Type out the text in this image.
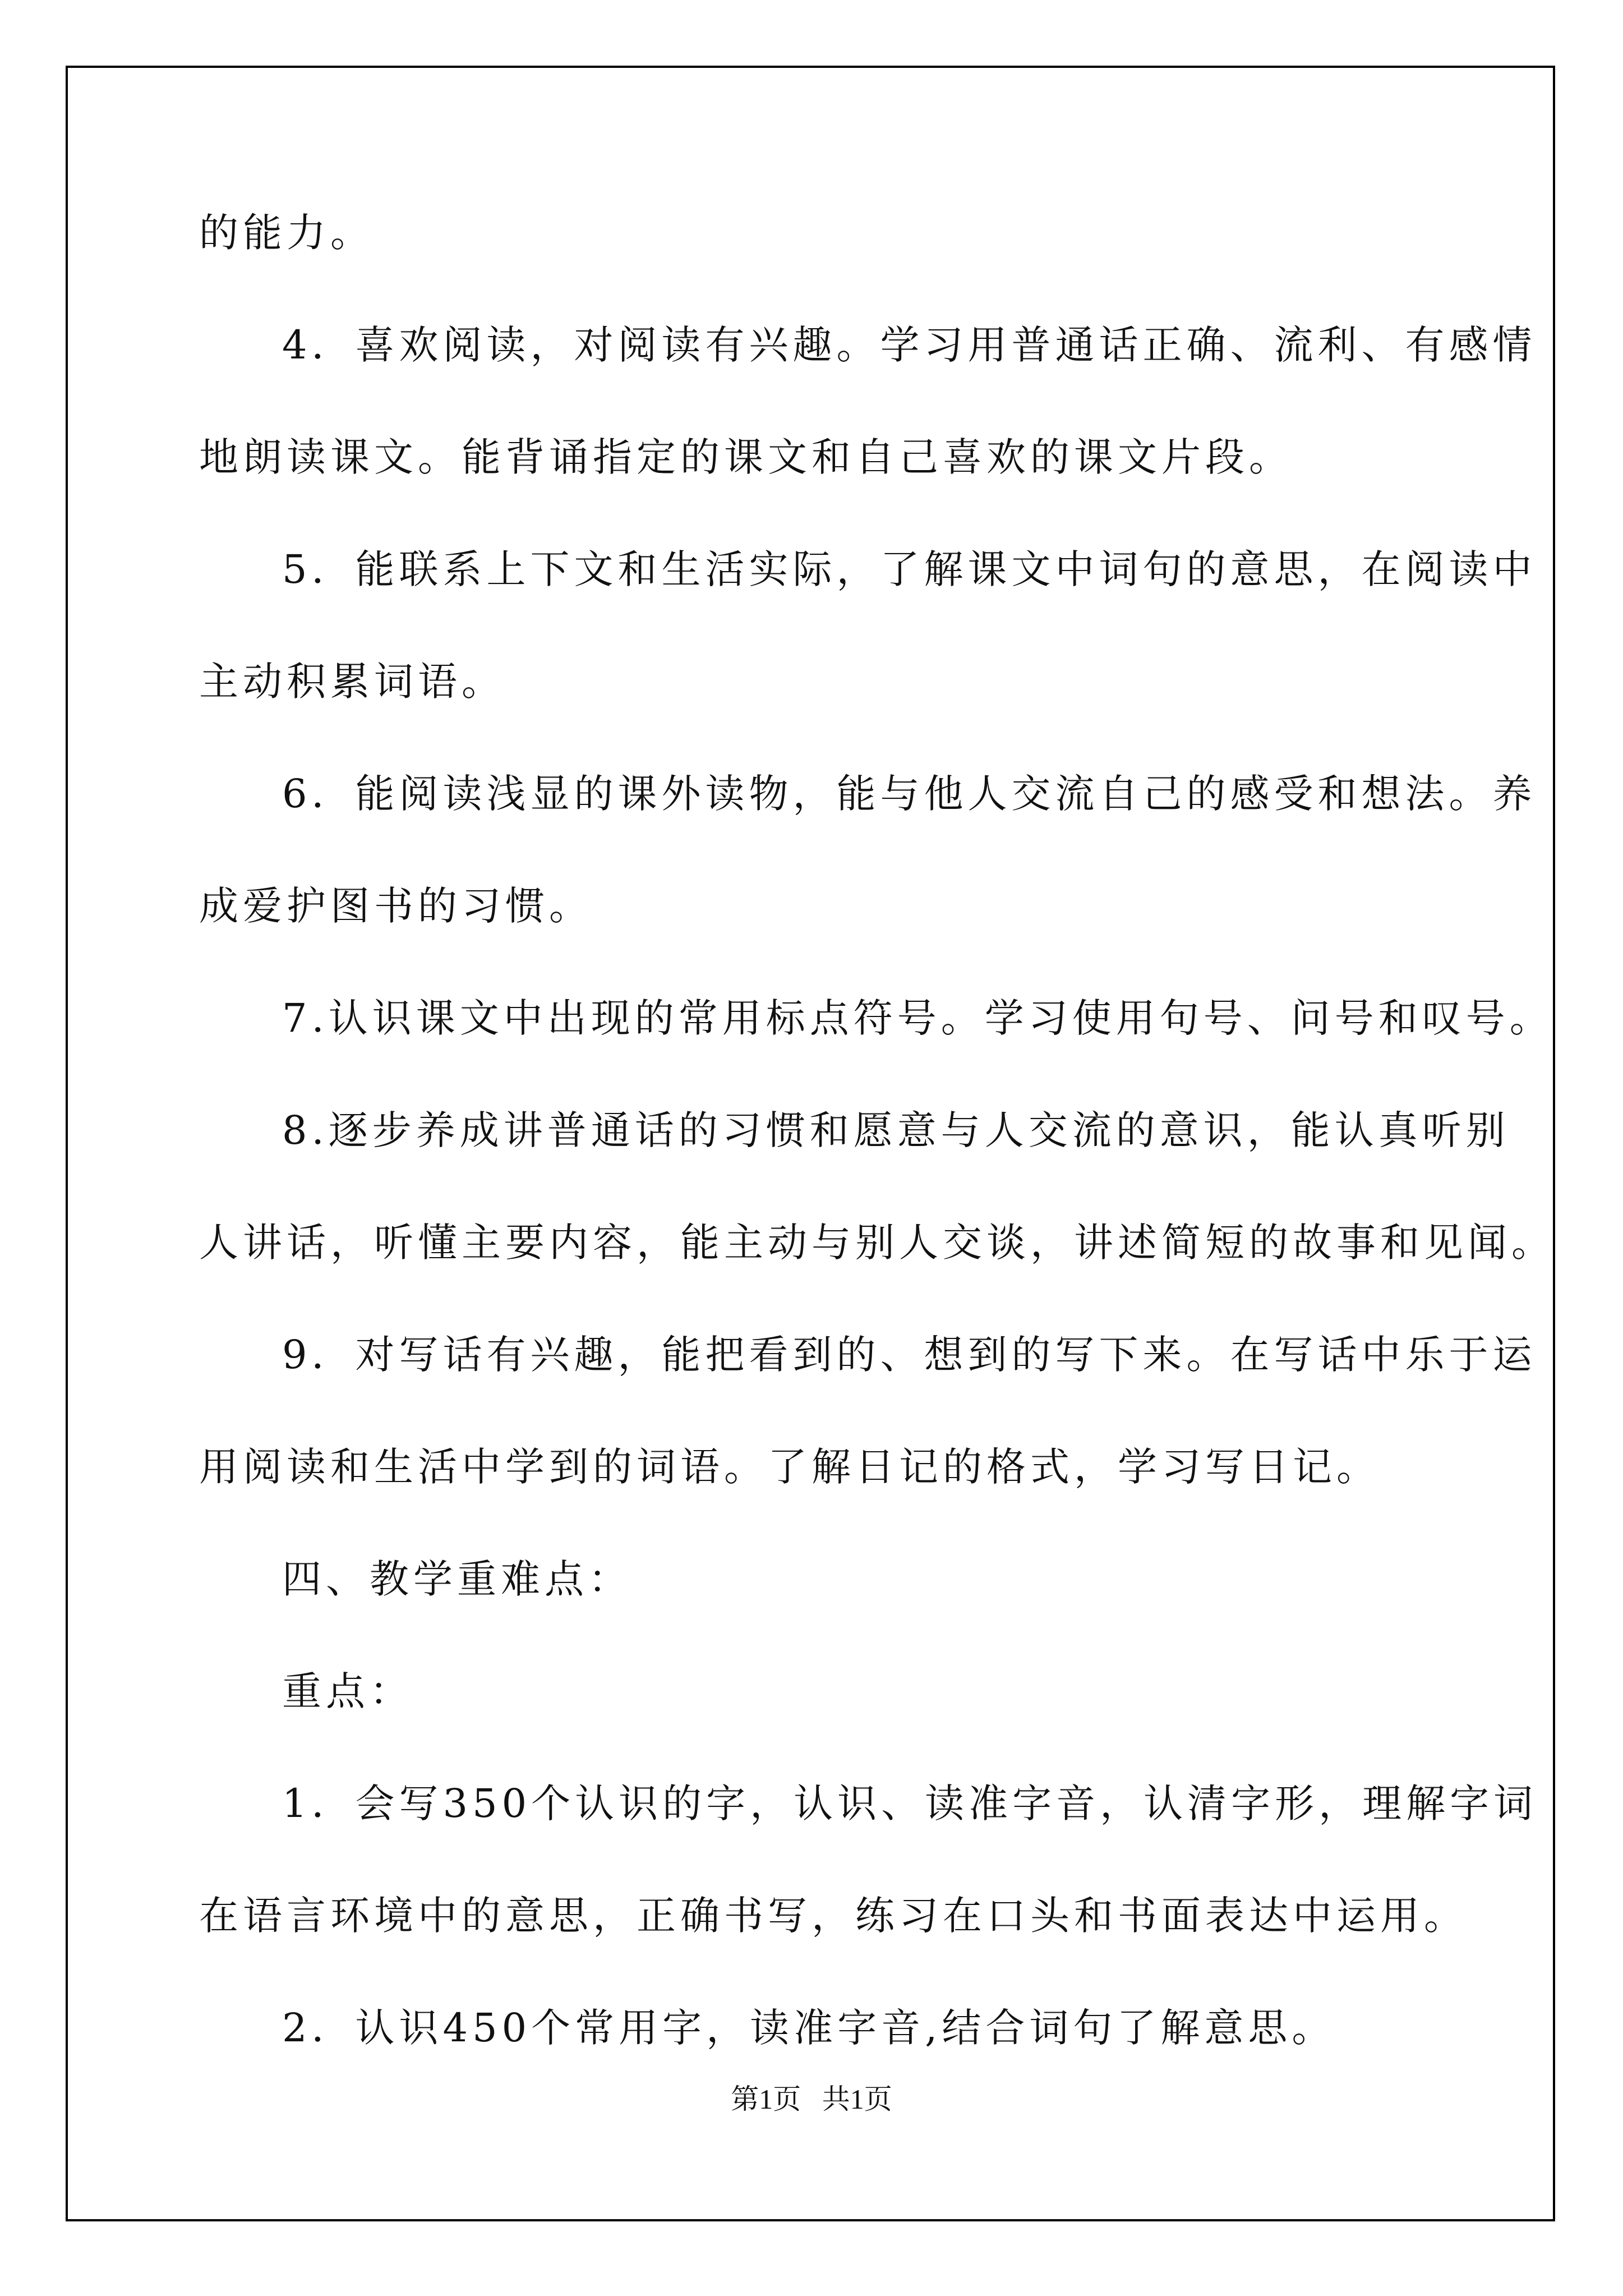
的能力。
4．喜欢阅读，对阅读有兴趣。学习用普通话正确、流利、有感情
地朗读课文。能背诵指定的课文和自己喜欢的课文片段。
5．能联系上下文和生活实际，了解课文中词句的意思，在阅读中
主动积累词语。
6．能阅读浅显的课外读物，能与他人交流自己的感受和想法。养
成爱护图书的习惯。
7.认识课文中出现的常用标点符号。学习使用句号、问号和叹号。
8.逐步养成讲普通话的习惯和愿意与人交流的意识，能认真听别
人讲话，听懂主要内容，能主动与别人交谈，讲述简短的故事和见闻。
9．对写话有兴趣，能把看到的、想到的写下来。在写话中乐于运
用阅读和生活中学到的词语。了解日记的格式，学习写日记。
四、教学重难点：
重点：
1．会写350个认识的字，认识、读准字音，认清字形，理解字词
在语言环境中的意思，正确书写，练习在口头和书面表达中运用。
2．认识450个常用字，读准字音,结合词句了解意思。
第1页   共1页
